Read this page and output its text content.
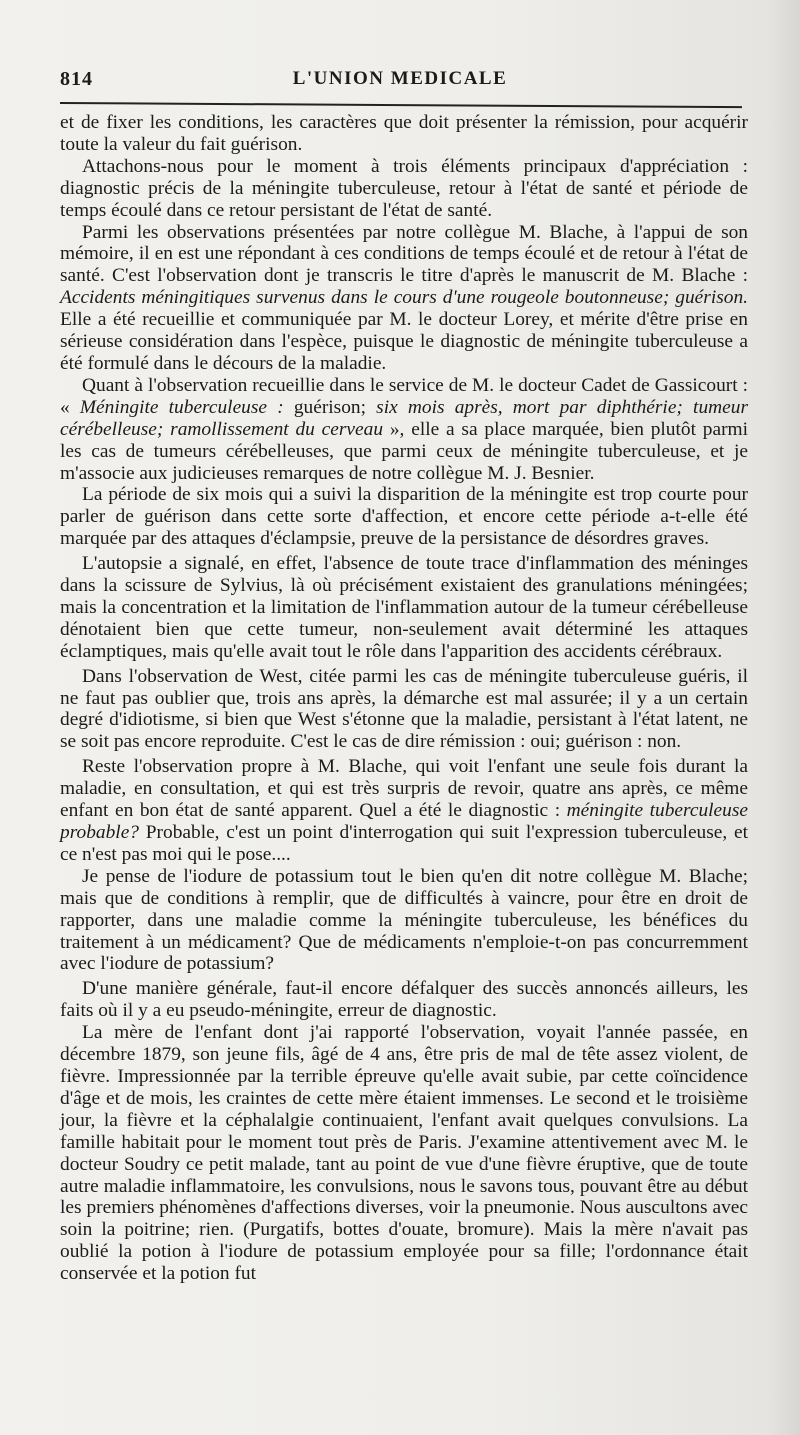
814	L'UNION MEDICALE

et de fixer les conditions, les caractères que doit présenter la rémission, pour acquérir toute la valeur du fait guérison.

Attachons-nous pour le moment à trois éléments principaux d'appréciation : diagnostic précis de la méningite tuberculeuse, retour à l'état de santé et période de temps écoulé dans ce retour persistant de l'état de santé.

Parmi les observations présentées par notre collègue M. Blache, à l'appui de son mémoire, il en est une répondant à ces conditions de temps écoulé et de retour à l'état de santé. C'est l'observation dont je transcris le titre d'après le manuscrit de M. Blache : Accidents méningitiques survenus dans le cours d'une rougeole boutonneuse; guérison. Elle a été recueillie et communiquée par M. le docteur Lorey, et mérite d'être prise en sérieuse considération dans l'espèce, puisque le diagnostic de méningite tuberculeuse a été formulé dans le décours de la maladie.

Quant à l'observation recueillie dans le service de M. le docteur Cadet de Gassicourt : « Méningite tuberculeuse : guérison; six mois après, mort par diphthérie; tumeur cérébelleuse; ramollissement du cerveau », elle a sa place marquée, bien plutôt parmi les cas de tumeurs cérébelleuses, que parmi ceux de méningite tuberculeuse, et je m'associe aux judicieuses remarques de notre collègue M. J. Besnier.

La période de six mois qui a suivi la disparition de la méningite est trop courte pour parler de guérison dans cette sorte d'affection, et encore cette période a-t-elle été marquée par des attaques d'éclampsie, preuve de la persistance de désordres graves.

L'autopsie a signalé, en effet, l'absence de toute trace d'inflammation des méninges dans la scissure de Sylvius, là où précisément existaient des granulations méningées; mais la concentration et la limitation de l'inflammation autour de la tumeur cérébelleuse dénotaient bien que cette tumeur, non-seulement avait déterminé les attaques éclamptiques, mais qu'elle avait tout le rôle dans l'apparition des accidents cérébraux.

Dans l'observation de West, citée parmi les cas de méningite tuberculeuse guéris, il ne faut pas oublier que, trois ans après, la démarche est mal assurée; il y a un certain degré d'idiotisme, si bien que West s'étonne que la maladie, persistant à l'état latent, ne se soit pas encore reproduite. C'est le cas de dire rémission : oui; guérison : non.

Reste l'observation propre à M. Blache, qui voit l'enfant une seule fois durant la maladie, en consultation, et qui est très surpris de revoir, quatre ans après, ce même enfant en bon état de santé apparent. Quel a été le diagnostic : méningite tuberculeuse probable? Probable, c'est un point d'interrogation qui suit l'expression tuberculeuse, et ce n'est pas moi qui le pose....

Je pense de l'iodure de potassium tout le bien qu'en dit notre collègue M. Blache; mais que de conditions à remplir, que de difficultés à vaincre, pour être en droit de rapporter, dans une maladie comme la méningite tuberculeuse, les bénéfices du traitement à un médicament? Que de médicaments n'emploie-t-on pas concurremment avec l'iodure de potassium?

D'une manière générale, faut-il encore défalquer des succès annoncés ailleurs, les faits où il y a eu pseudo-méningite, erreur de diagnostic.

La mère de l'enfant dont j'ai rapporté l'observation, voyait l'année passée, en décembre 1879, son jeune fils, âgé de 4 ans, être pris de mal de tête assez violent, de fièvre. Impressionnée par la terrible épreuve qu'elle avait subie, par cette coïncidence d'âge et de mois, les craintes de cette mère étaient immenses. Le second et le troisième jour, la fièvre et la céphalalgie continuaient, l'enfant avait quelques convulsions. La famille habitait pour le moment tout près de Paris. J'examine attentivement avec M. le docteur Soudry ce petit malade, tant au point de vue d'une fièvre éruptive, que de toute autre maladie inflammatoire, les convulsions, nous le savons tous, pouvant être au début les premiers phénomènes d'affections diverses, voir la pneumonie. Nous auscultons avec soin la poitrine; rien. (Purgatifs, bottes d'ouate, bromure). Mais la mère n'avait pas oublié la potion à l'iodure de potassium employée pour sa fille; l'ordonnance était conservée et la potion fut
